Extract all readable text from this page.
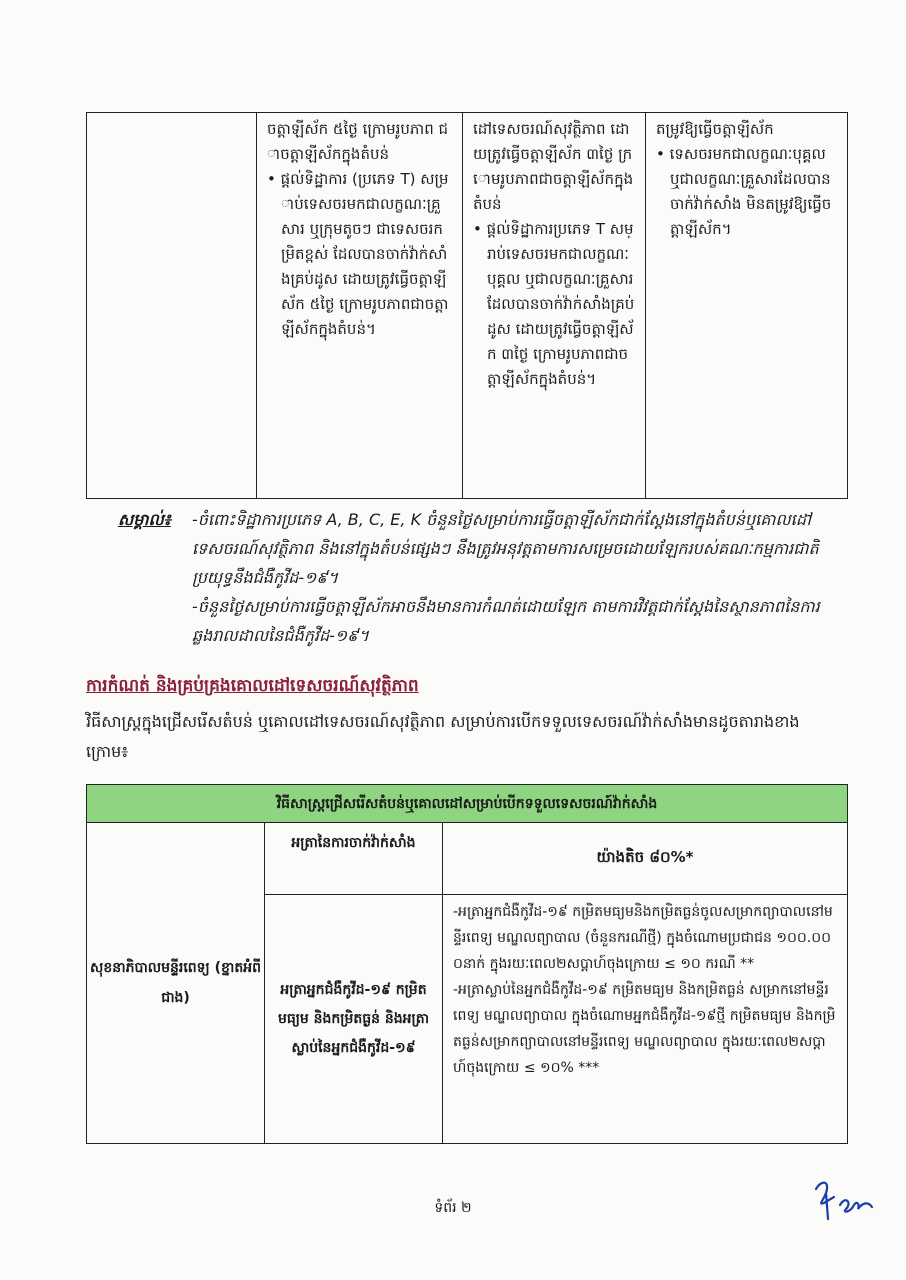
ចត្តាឡីស័ក ៥ថ្ងៃ ក្រោមរូបភាព ជាចត្តាឡីស័កក្នុងតំបន់

• ផ្ដល់ទិដ្ឋាការ (ប្រភេទ T) សម្រាប់ទេសចរមកជាលក្ខណៈគ្រួសារ ឬក្រុមតូចៗ ជាទេសចរកម្រិតខ្ពស់ ដែលបានចាក់វ៉ាក់សាំងគ្រប់ដូស ដោយត្រូវធ្វើចត្តាឡីស័ក ៥ថ្ងៃ ក្រោមរូបភាពជាចត្តាឡីស័កក្នុងតំបន់។

ដៅទេសចរណ៍សុវត្ថិភាព ដោយត្រូវធ្វើចត្តាឡីស័ក ៣ថ្ងៃ ក្រោមរូបភាពជាចត្តាឡីស័កក្នុងតំបន់

• ផ្ដល់ទិដ្ឋាការប្រភេទ T សម្រាប់ទេសចរមកជាលក្ខណៈបុគ្គល ឬជាលក្ខណៈគ្រួសារ ដែលបានចាក់វ៉ាក់សាំងគ្រប់ដូស ដោយត្រូវធ្វើចត្តាឡីស័ក ៣ថ្ងៃ ក្រោមរូបភាពជាចត្តាឡីស័កក្នុងតំបន់។

តម្រូវឱ្យធ្វើចត្តាឡីស័ក

• ទេសចរមកជាលក្ខណៈបុគ្គល ឬជាលក្ខណៈគ្រួសារដែលបានចាក់វ៉ាក់សាំង មិនតម្រូវឱ្យធ្វើចត្តាឡីស័ក។

សម្គាល់៖ -ចំពោះទិដ្ឋាការប្រភេទ A, B, C, E, K ចំនួនថ្ងៃសម្រាប់ការធ្វើចត្តាឡីស័កជាក់ស្ដែងនៅក្នុងតំបន់ឬគោលដៅទេសចរណ៍សុវត្ថិភាព និងនៅក្នុងតំបន់ផ្សេងៗ នឹងត្រូវអនុវត្តតាមការសម្រេចដោយឡែករបស់គណៈកម្មការជាតិប្រយុទ្ធនឹងជំងឺកូវីដ-១៩។
-ចំនួនថ្ងៃសម្រាប់ការធ្វើចត្តាឡីស័កអាចនឹងមានការកំណត់ដោយឡែក តាមការវិវត្តជាក់ស្ដែងនៃស្ថានភាពនៃការឆ្លងរាលដាលនៃជំងឺកូវីដ-១៩។
ការកំណត់ និងគ្រប់គ្រងគោលដៅទេសចរណ៍សុវត្ថិភាព
វិធីសាស្ត្រក្នុងជ្រើសរើសតំបន់ ឬគោលដៅទេសចរណ៍សុវត្ថិភាព សម្រាប់ការបើកទទួលទេសចរណ៍វ៉ាក់សាំងមានដូចតារាងខាងក្រោម៖
វិធីសាស្ត្រជ្រើសរើសតំបន់ឬគោលដៅសម្រាប់បើកទទួលទេសចរណ៍វ៉ាក់សាំង
សុខនាភិបាលមន្ទីរពេទ្យ (ខ្នាតអំពីជាង)
អត្រានៃការចាក់វ៉ាក់សាំង
យ៉ាងតិច ៨០%*
អត្រាអ្នកជំងឺកូវីដ-១៩ កម្រិតមធ្យម និងកម្រិតធ្ងន់ និងអត្រាស្លាប់នៃអ្នកជំងឺកូវីដ-១៩

-អត្រាអ្នកជំងឺកូវីដ-១៩ កម្រិតមធ្យមនិងកម្រិតធ្ងន់ចូលសម្រាកព្យាបាលនៅមន្ទីរពេទ្យ មណ្ឌលព្យាបាល (ចំនួនករណីថ្មី) ក្នុងចំណោមប្រជាជន ១០០.០០០នាក់ ក្នុងរយៈពេល២សប្ដាហ៍ចុងក្រោយ ≤ ១០ ករណី **

-អត្រាស្លាប់នៃអ្នកជំងឺកូវីដ-១៩ កម្រិតមធ្យម និងកម្រិតធ្ងន់ សម្រាកនៅមន្ទីរពេទ្យ មណ្ឌលព្យាបាល ក្នុងចំណោមអ្នកជំងឺកូវីដ-១៩ថ្មី កម្រិតមធ្យម និងកម្រិតធ្ងន់សម្រាកព្យាបាលនៅមន្ទីរពេទ្យ មណ្ឌលព្យាបាល ក្នុងរយៈពេល២សប្ដាហ៍ចុងក្រោយ ≤ ១០% ***

ទំព័រ ២
